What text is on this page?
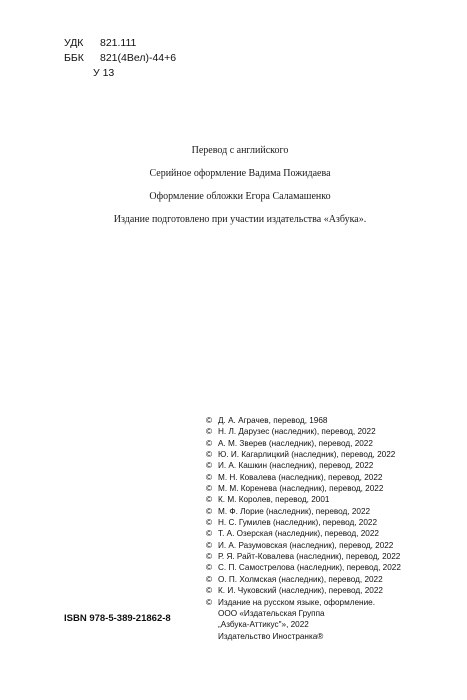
УДК	821.111
ББК	821(4Вел)-44+6
У 13
Перевод с английского
Серийное оформление Вадима Пожидаева
Оформление обложки Егора Саламашенко
Издание подготовлено при участии издательства «Азбука».
© Д. А. Аграчев, перевод, 1968
© Н. Л. Дарузес (наследник), перевод, 2022
© А. М. Зверев (наследник), перевод, 2022
© Ю. И. Кагарлицкий (наследник), перевод, 2022
© И. А. Кашкин (наследник), перевод, 2022
© М. Н. Ковалева (наследник), перевод, 2022
© М. М. Коренева (наследник), перевод, 2022
© К. М. Королев, перевод, 2001
© М. Ф. Лорие (наследник), перевод, 2022
© Н. С. Гумилев (наследник), перевод, 2022
© Т. А. Озерская (наследник), перевод, 2022
© И. А. Разумовская (наследник), перевод, 2022
© Р. Я. Райт-Ковалева (наследник), перевод, 2022
© С. П. Самострелова (наследник), перевод, 2022
© О. П. Холмская (наследник), перевод, 2022
© К. И. Чуковский (наследник), перевод, 2022
© Издание на русском языке, оформление.
ООО «Издательская Группа
„Азбука-Аттикус"», 2022
Издательство Иностранка®
ISBN 978-5-389-21862-8
